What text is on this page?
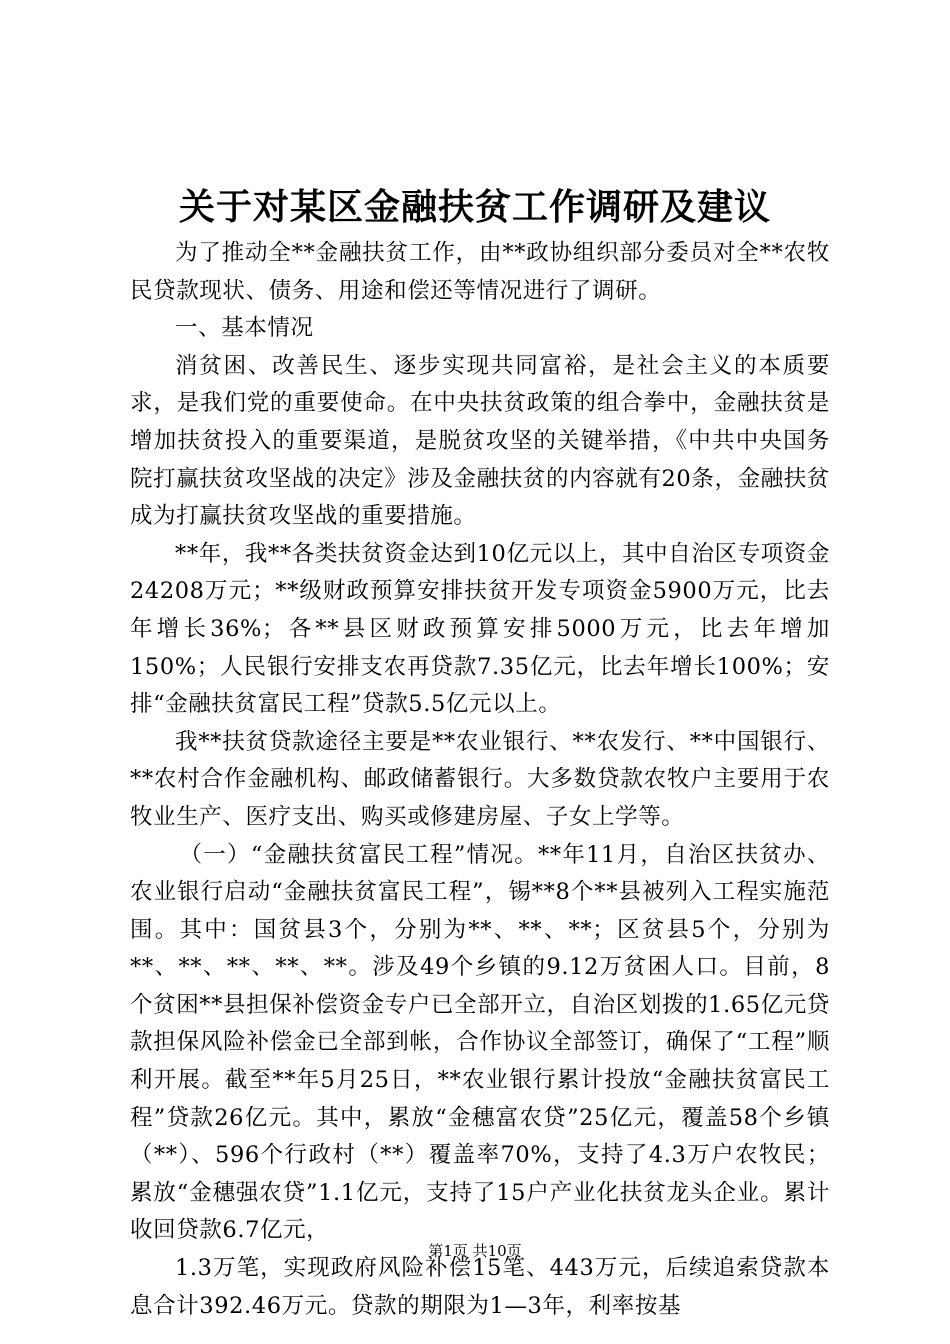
关于对某区金融扶贫工作调研及建议

为了推动全**金融扶贫工作，由**政协组织部分委员对全**农牧民贷款现状、债务、用途和偿还等情况进行了调研。

一、基本情况

消贫困、改善民生、逐步实现共同富裕，是社会主义的本质要求，是我们党的重要使命。在中央扶贫政策的组合拳中，金融扶贫是增加扶贫投入的重要渠道，是脱贫攻坚的关键举措，《中共中央国务院打赢扶贫攻坚战的决定》涉及金融扶贫的内容就有20条，金融扶贫成为打赢扶贫攻坚战的重要措施。

**年，我**各类扶贫资金达到10亿元以上，其中自治区专项资金24208万元；**级财政预算安排扶贫开发专项资金5900万元，比去年增长36%；各**县区财政预算安排5000万元，比去年增加150%；人民银行安排支农再贷款7.35亿元，比去年增长100%；安排“金融扶贫富民工程”贷款5.5亿元以上。

我**扶贫贷款途径主要是**农业银行、**农发行、**中国银行、**农村合作金融机构、邮政储蓄银行。大多数贷款农牧户主要用于农牧业生产、医疗支出、购买或修建房屋、子女上学等。

（一）“金融扶贫富民工程”情况。**年11月，自治区扶贫办、农业银行启动“金融扶贫富民工程”，锡**8个**县被列入工程实施范围。其中：国贫县3个，分别为**、**、**；区贫县5个，分别为**、**、**、**、**。涉及49个乡镇的9.12万贫困人口。目前，8个贫困**县担保补偿资金专户已全部开立，自治区划拨的1.65亿元贷款担保风险补偿金已全部到帐，合作协议全部签订，确保了“工程”顺利开展。截至**年5月25日，**农业银行累计投放“金融扶贫富民工程”贷款26亿元。其中，累放“金穗富农贷”25亿元，覆盖58个乡镇（**）、596个行政村（**）覆盖率70%，支持了4.3万户农牧民；累放“金穗强农贷”1.1亿元，支持了15户产业化扶贫龙头企业。累计收回贷款6.7亿元，

1.3万笔，实现政府风险补偿15笔、443万元，后续追索贷款本息合计392.46万元。贷款的期限为1—3年，利率按基

第1页 共10页
